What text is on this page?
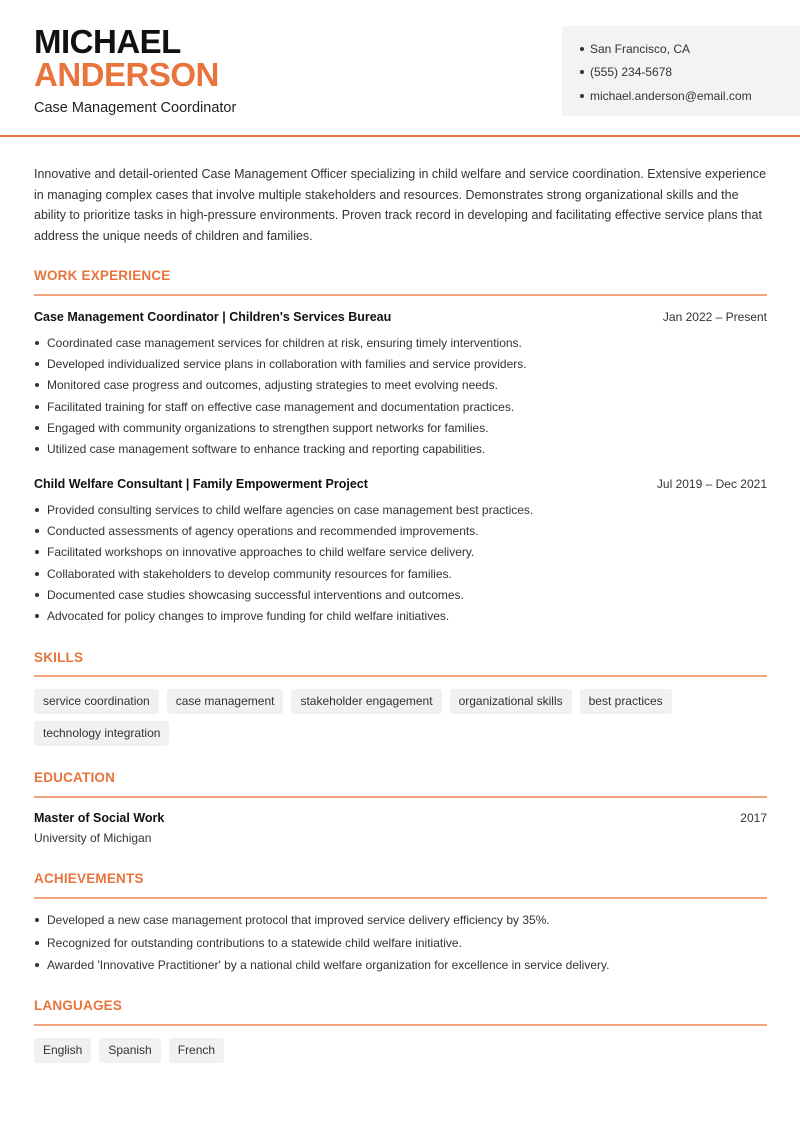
MICHAEL
ANDERSON
Case Management Coordinator
San Francisco, CA
(555) 234-5678
michael.anderson@email.com

Innovative and detail-oriented Case Management Officer specializing in child welfare and service coordination. Extensive experience in managing complex cases that involve multiple stakeholders and resources. Demonstrates strong organizational skills and the ability to prioritize tasks in high-pressure environments. Proven track record in developing and facilitating effective service plans that address the unique needs of children and families.

WORK EXPERIENCE
Case Management Coordinator | Children's Services Bureau	Jan 2022 – Present
Coordinated case management services for children at risk, ensuring timely interventions.
Developed individualized service plans in collaboration with families and service providers.
Monitored case progress and outcomes, adjusting strategies to meet evolving needs.
Facilitated training for staff on effective case management and documentation practices.
Engaged with community organizations to strengthen support networks for families.
Utilized case management software to enhance tracking and reporting capabilities.
Child Welfare Consultant | Family Empowerment Project	Jul 2019 – Dec 2021
Provided consulting services to child welfare agencies on case management best practices.
Conducted assessments of agency operations and recommended improvements.
Facilitated workshops on innovative approaches to child welfare service delivery.
Collaborated with stakeholders to develop community resources for families.
Documented case studies showcasing successful interventions and outcomes.
Advocated for policy changes to improve funding for child welfare initiatives.
SKILLS
service coordination	case management	stakeholder engagement	organizational skills	best practices
technology integration
EDUCATION
Master of Social Work	2017
University of Michigan
ACHIEVEMENTS
Developed a new case management protocol that improved service delivery efficiency by 35%.
Recognized for outstanding contributions to a statewide child welfare initiative.
Awarded 'Innovative Practitioner' by a national child welfare organization for excellence in service delivery.
LANGUAGES
English	Spanish	French
